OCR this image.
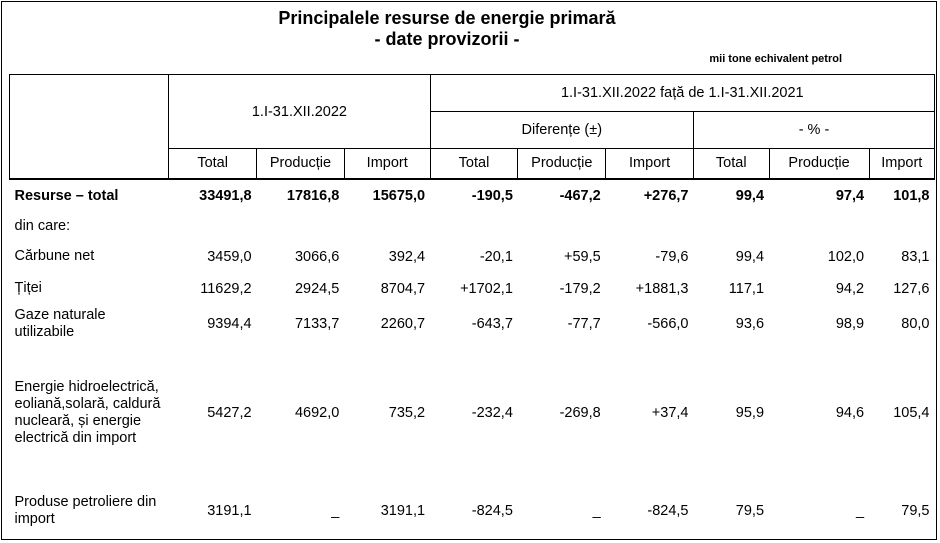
Principalele resurse de energie primară
- date provizorii -
mii tone echivalent petrol
	1.I-31.XII.2022			1.I-31.XII.2022 față de 1.I-31.XII.2021					
				Diferențe (±)			- % -		
	Total	Producție	Import	Total	Producție	Import	Total	Producție	Import
Resurse – total	33491,8	17816,8	15675,0	-190,5	-467,2	+276,7	99,4	97,4	101,8
din care:									
Cărbune net	3459,0	3066,6	392,4	-20,1	+59,5	-79,6	99,4	102,0	83,1
Țiței	11629,2	2924,5	8704,7	+1702,1	-179,2	+1881,3	117,1	94,2	127,6
Gaze naturale utilizabile	9394,4	7133,7	2260,7	-643,7	-77,7	-566,0	93,6	98,9	80,0
Energie hidroelectrică, eoliană,solară, caldură nucleară, și energie electrică din import	5427,2	4692,0	735,2	-232,4	-269,8	+37,4	95,9	94,6	105,4
Produse petroliere din import	3191,1	_	3191,1	-824,5	_	-824,5	79,5	_	79,5
